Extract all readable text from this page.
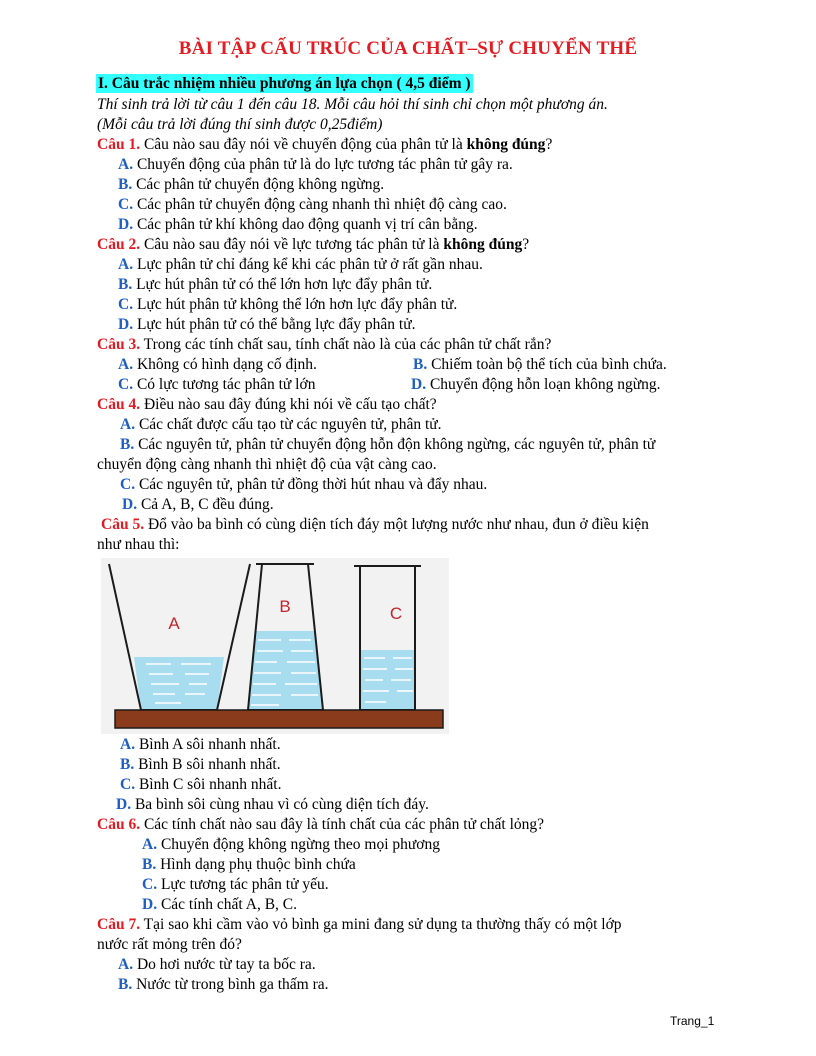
BÀI TẬP CẤU TRÚC CỦA CHẤT–SỰ CHUYỂN THỂ
I. Câu trắc nhiệm nhiều phương án lựa chọn ( 4,5 điểm )
Thí sinh trả lời từ câu 1 đến câu 18. Mỗi câu hỏi thí sinh chỉ chọn một phương án.
(Mỗi câu trả lời đúng thí sinh được 0,25điểm)
Câu 1. Câu nào sau đây nói về chuyển động của phân tử là không đúng?
A. Chuyển động của phân tử là do lực tương tác phân tử gây ra.
B. Các phân tử chuyển động không ngừng.
C. Các phân tử chuyển động càng nhanh thì nhiệt độ càng cao.
D. Các phân tử khí không dao động quanh vị trí cân bằng.
Câu 2. Câu nào sau đây nói về lực tương tác phân tử là không đúng?
A. Lực phân tử chỉ đáng kể khi các phân tử ở rất gần nhau.
B. Lực hút phân tử có thể lớn hơn lực đẩy phân tử.
C. Lực hút phân tử không thể lớn hơn lực đẩy phân tử.
D. Lực hút phân tử có thể bằng lực đẩy phân tử.
Câu 3. Trong các tính chất sau, tính chất nào là của các phân tử chất rắn?
A. Không có hình dạng cố định.	B. Chiếm toàn bộ thể tích của bình chứa.
C. Có lực tương tác phân tử lớn	D. Chuyển động hỗn loạn không ngừng.
Câu 4. Điều nào sau đây đúng khi nói về cấu tạo chất?
A. Các chất được cấu tạo từ các nguyên tử, phân tử.
B. Các nguyên tử, phân tử chuyển động hỗn độn không ngừng, các nguyên tử, phân tử
chuyển động càng nhanh thì nhiệt độ của vật càng cao.
C. Các nguyên tử, phân tử đồng thời hút nhau và đẩy nhau.
D. Cả A, B, C đều đúng.
Câu 5. Đổ vào ba bình có cùng diện tích đáy một lượng nước như nhau, đun ở điều kiện
như nhau thì:
A
B	C
A. Bình A sôi nhanh nhất.
B. Bình B sôi nhanh nhất.
C. Bình C sôi nhanh nhất.
D. Ba bình sôi cùng nhau vì có cùng diện tích đáy.
Câu 6. Các tính chất nào sau đây là tính chất của các phân tử chất lỏng?
A. Chuyển động không ngừng theo mọi phương
B. Hình dạng phụ thuộc bình chứa
C. Lực tương tác phân tử yếu.
D. Các tính chất A, B, C.
Câu 7. Tại sao khi cầm vào vỏ bình ga mini đang sử dụng ta thường thấy có một lớp
nước rất mỏng trên đó?
A. Do hơi nước từ tay ta bốc ra.
B. Nước từ trong bình ga thấm ra.
Trang_1
